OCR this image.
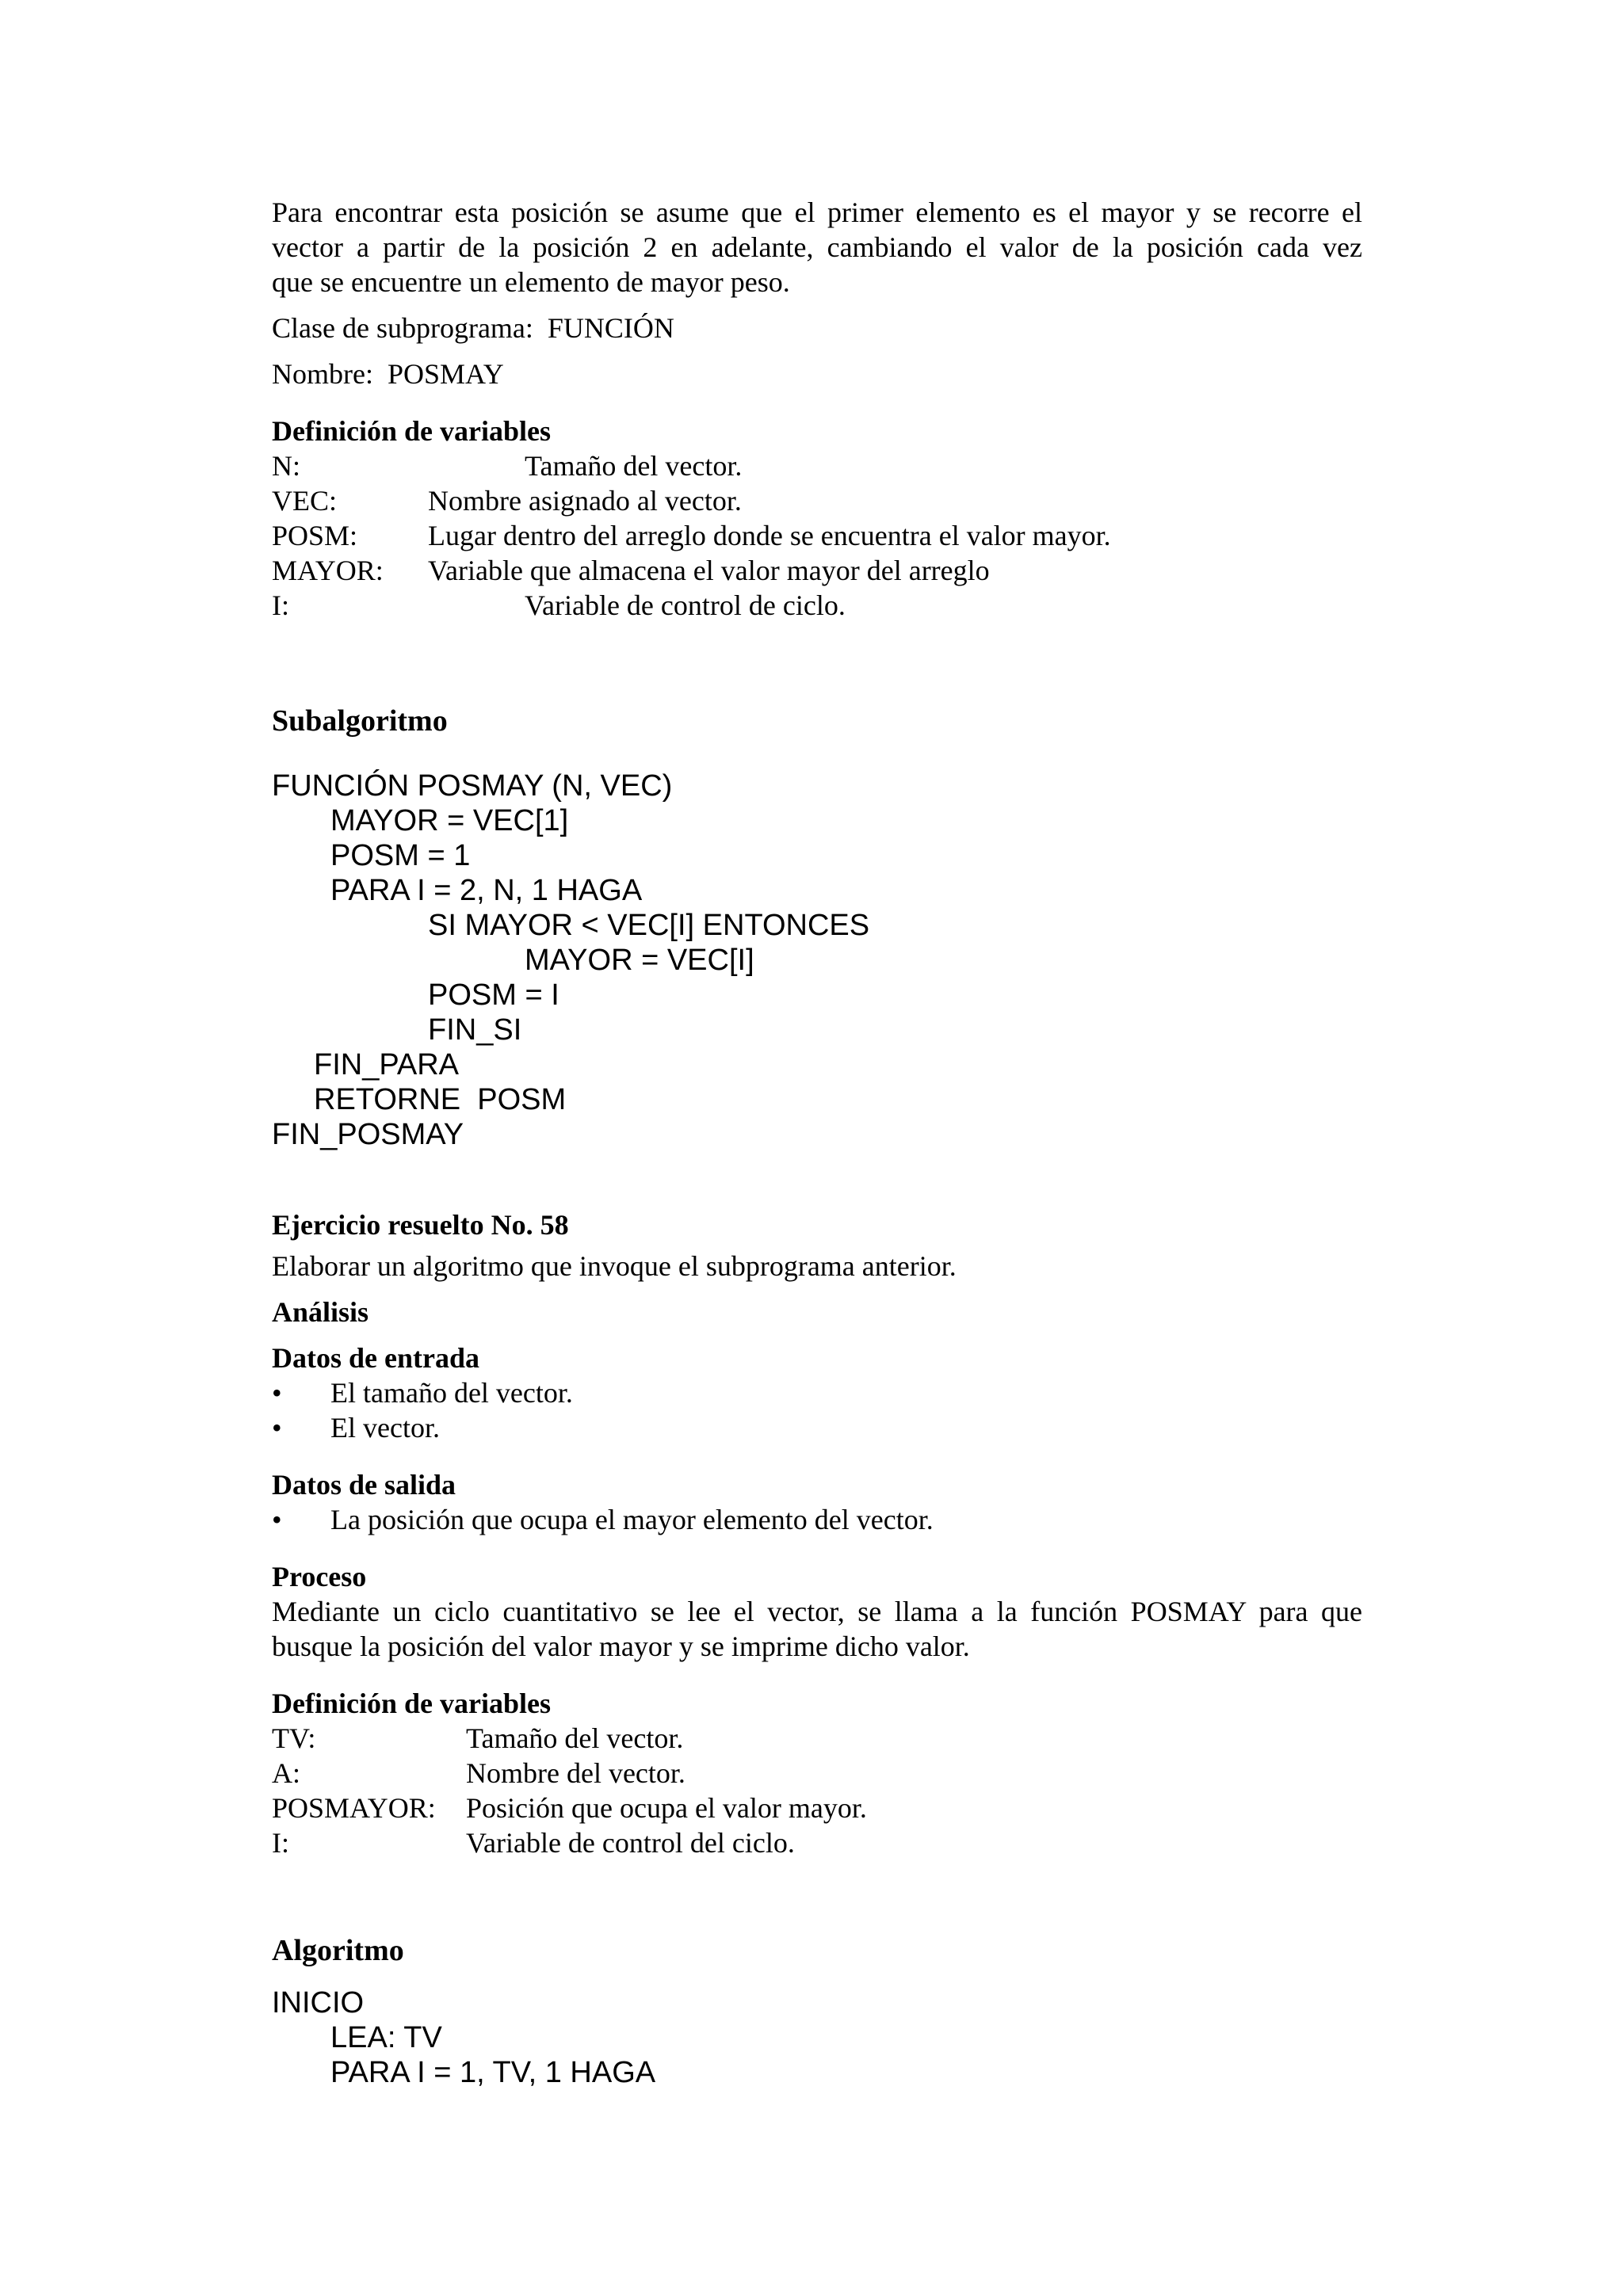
Para encontrar esta posición se asume que el primer elemento es el mayor y se recorre el

vector a partir de la posición 2 en adelante, cambiando el valor de la posición cada vez

que se encuentre un elemento de mayor peso.

Clase de subprograma:  FUNCIÓN

Nombre:  POSMAY

Definición de variables

N:	Tamaño del vector.

VEC:	Nombre asignado al vector.

POSM: Lugar dentro del arreglo donde se encuentra el valor mayor.

MAYOR: Variable que almacena el valor mayor del arreglo

I:	Variable de control de ciclo.

Subalgoritmo

FUNCIÓN POSMAY (N, VEC)

MAYOR = VEC[1]

POSM = 1

PARA I = 2, N, 1 HAGA

SI MAYOR < VEC[I] ENTONCES

MAYOR = VEC[I]

POSM = I

FIN_SI

FIN_PARA

RETORNE  POSM

FIN_POSMAY

Ejercicio resuelto No. 58

Elaborar un algoritmo que invoque el subprograma anterior.

Análisis

Datos de entrada

• El tamaño del vector.

• El vector.

Datos de salida

• La posición que ocupa el mayor elemento del vector.

Proceso

Mediante un ciclo cuantitativo se lee el vector, se llama a la función POSMAY para que

busque la posición del valor mayor y se imprime dicho valor.

Definición de variables

TV:	Tamaño del vector.

A:	Nombre del vector.

POSMAYOR: Posición que ocupa el valor mayor.

I:	Variable de control del ciclo.

Algoritmo

INICIO

LEA: TV

PARA I = 1, TV, 1 HAGA
